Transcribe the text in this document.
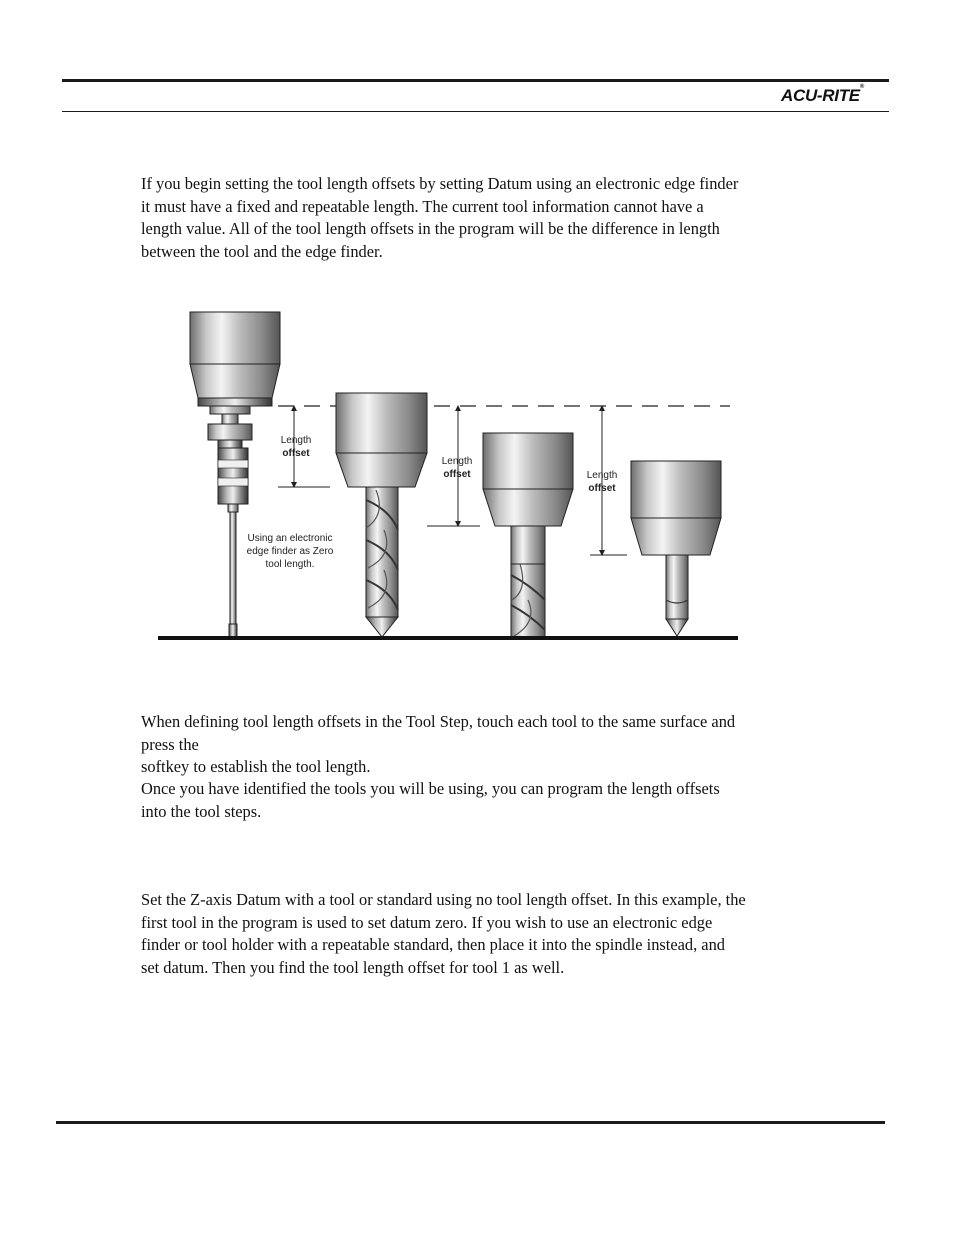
ACU-RITE®
If you begin setting the tool length offsets by setting Datum using an electronic edge finder
it must have a fixed and repeatable length. The current tool information cannot have a
length value. All of the tool length offsets in the program will be the difference in length
between the tool and the edge finder.
Length
offset
Using an electronic
edge finder as Zero
tool length.
Length
offset	Length
offset
When defining tool length offsets in the Tool Step, touch each tool to the same surface and
press the
softkey to establish the tool length.
Once you have identified the tools you will be using, you can program the length offsets
into the tool steps.
Set the Z-axis Datum with a tool or standard using no tool length offset. In this example, the
first tool in the program is used to set datum zero. If you wish to use an electronic edge
finder or tool holder with a repeatable standard, then place it into the spindle instead, and
set datum. Then you find the tool length offset for tool 1 as well.
